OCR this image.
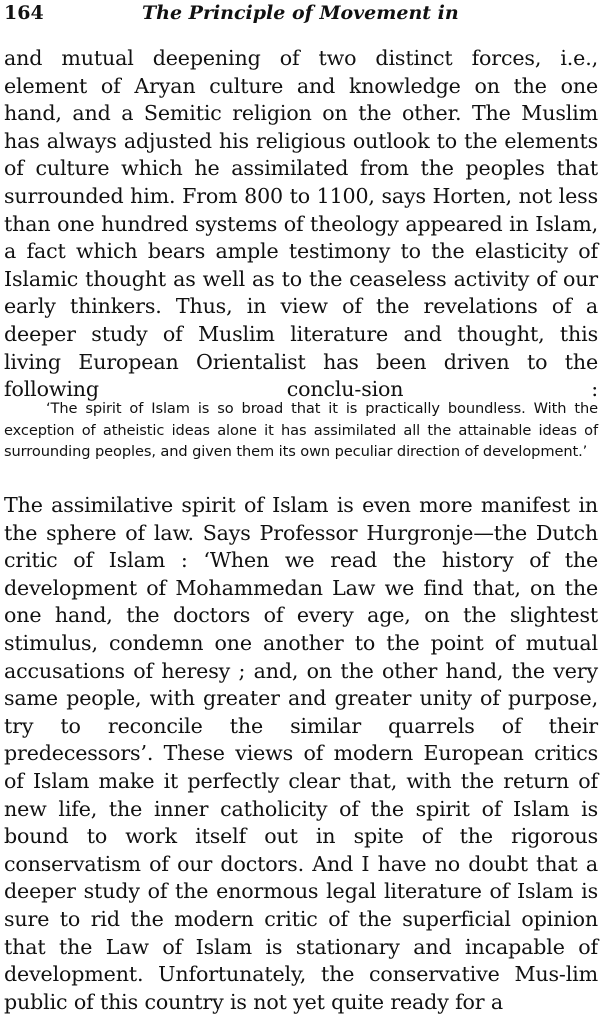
164	The Principle of Movement in

and mutual deepening of two distinct forces, i.e., element of Aryan culture and knowledge on the one hand, and a Semitic religion on the other. The Muslim has always adjusted his religious outlook to the elements of culture which he assimilated from the peoples that surrounded him. From 800 to 1100, says Horten, not less than one hundred systems of theology appeared in Islam, a fact which bears ample testimony to the elasticity of Islamic thought as well as to the ceaseless activity of our early thinkers. Thus, in view of the revelations of a deeper study of Muslim literature and thought, this living European Orientalist has been driven to the following conclu-sion :

‘The spirit of Islam is so broad that it is practically boundless. With the exception of atheistic ideas alone it has assimilated all the attainable ideas of surrounding peoples, and given them its own peculiar direction of development.’

The assimilative spirit of Islam is even more manifest in the sphere of law. Says Professor Hurgronje—the Dutch critic of Islam : ‘When we read the history of the development of Mohammedan Law we find that, on the one hand, the doctors of every age, on the slightest stimulus, condemn one another to the point of mutual accusations of heresy ; and, on the other hand, the very same people, with greater and greater unity of purpose, try to reconcile the similar quarrels of their predecessors’. These views of modern European critics of Islam make it perfectly clear that, with the return of new life, the inner catholicity of the spirit of Islam is bound to work itself out in spite of the rigorous conservatism of our doctors. And I have no doubt that a deeper study of the enormous legal literature of Islam is sure to rid the modern critic of the superficial opinion that the Law of Islam is stationary and incapable of development. Unfortunately, the conservative Mus-lim public of this country is not yet quite ready for a
